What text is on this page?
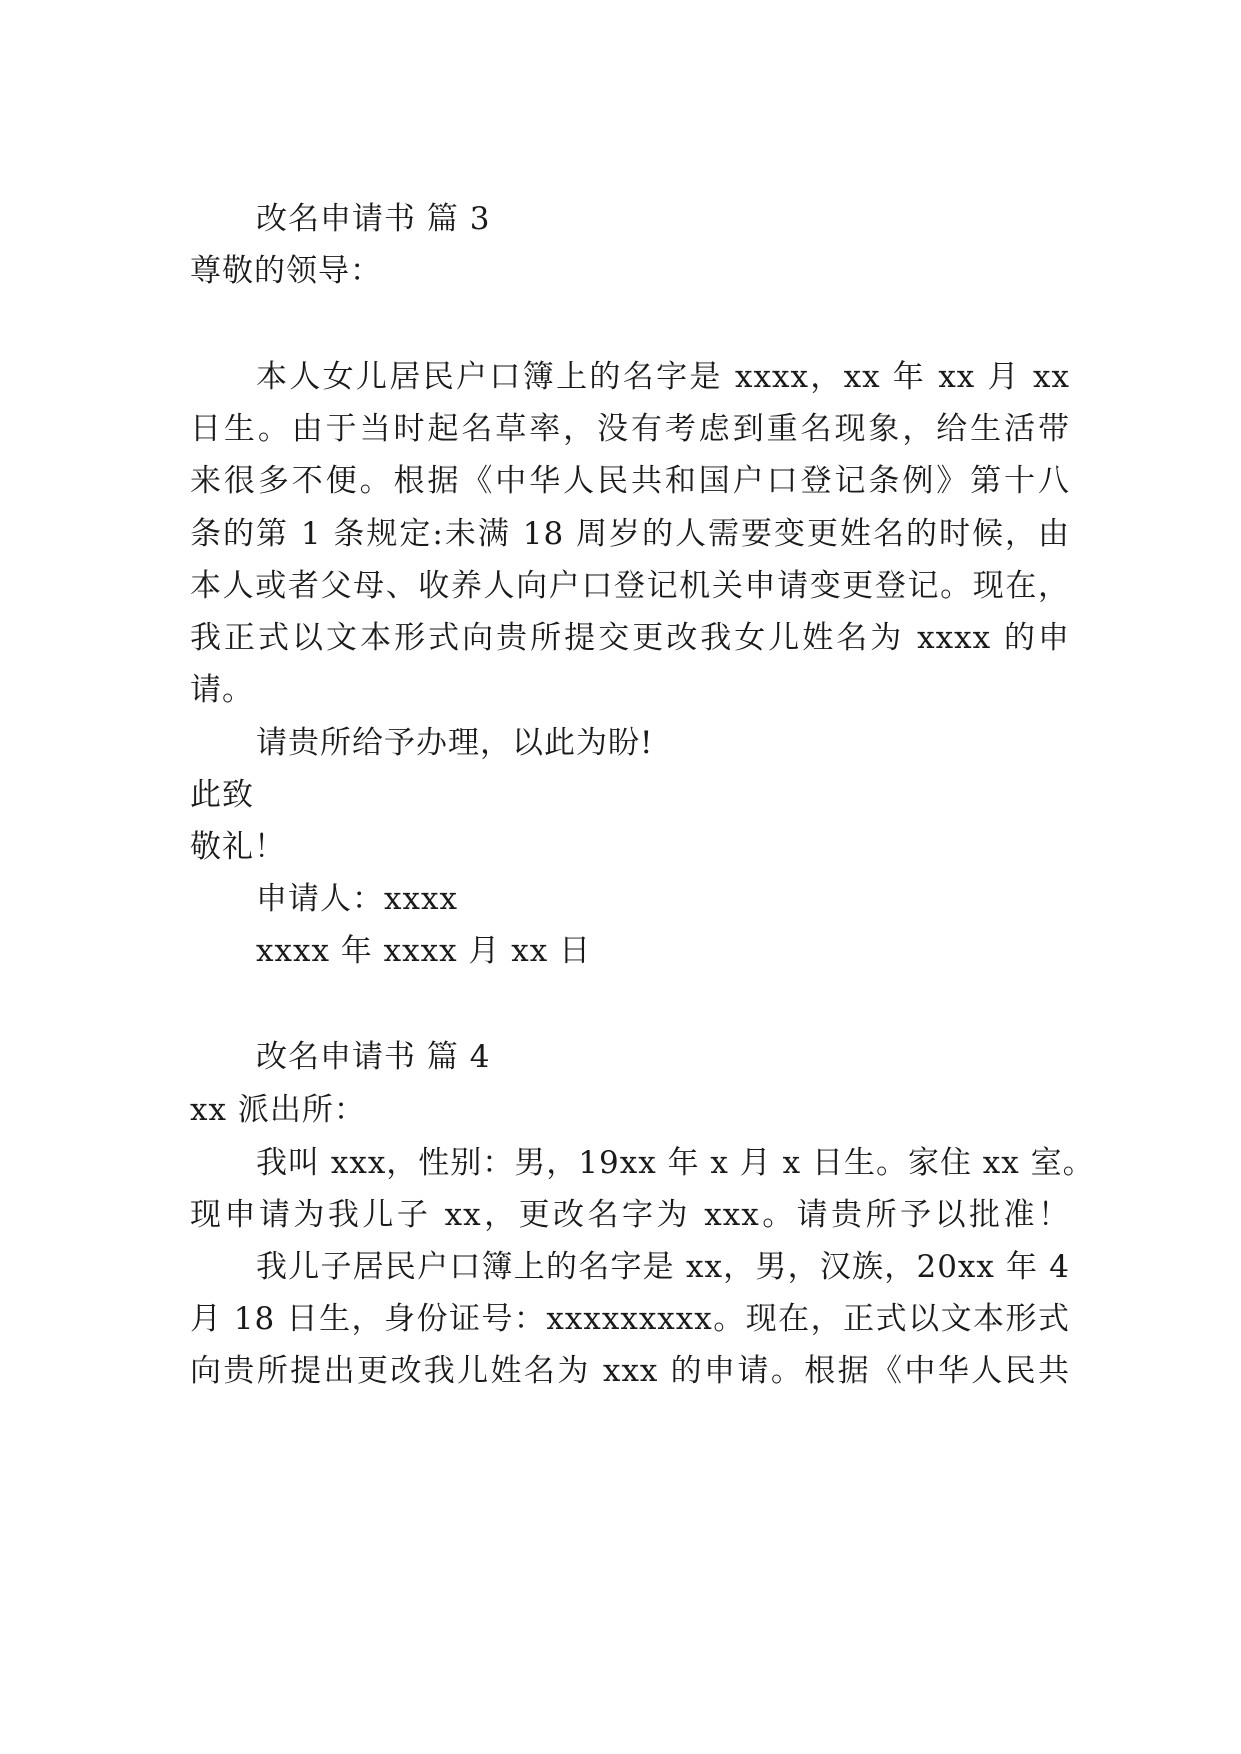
改名申请书 篇 3
尊敬的领导：
本人女儿居民户口簿上的名字是 xxxx，xx 年 xx 月 xx
日生。由于当时起名草率，没有考虑到重名现象，给生活带
来很多不便。根据《中华人民共和国户口登记条例》第十八
条的第 1 条规定:未满 18 周岁的人需要变更姓名的时候，由
本人或者父母、收养人向户口登记机关申请变更登记。现在，
我正式以文本形式向贵所提交更改我女儿姓名为 xxxx 的申
请。
请贵所给予办理，以此为盼!
此致
敬礼！
申请人：xxxx
xxxx 年 xxxx 月 xx 日
改名申请书 篇 4
xx 派出所：
我叫 xxx，性别：男，19xx 年 x 月 x 日生。家住 xx 室。
现申请为我儿子 xx，更改名字为 xxx。请贵所予以批准！
我儿子居民户口簿上的名字是 xx，男，汉族，20xx 年 4
月 18 日生，身份证号：xxxxxxxxx。现在，正式以文本形式
向贵所提出更改我儿姓名为 xxx 的申请。根据《中华人民共
